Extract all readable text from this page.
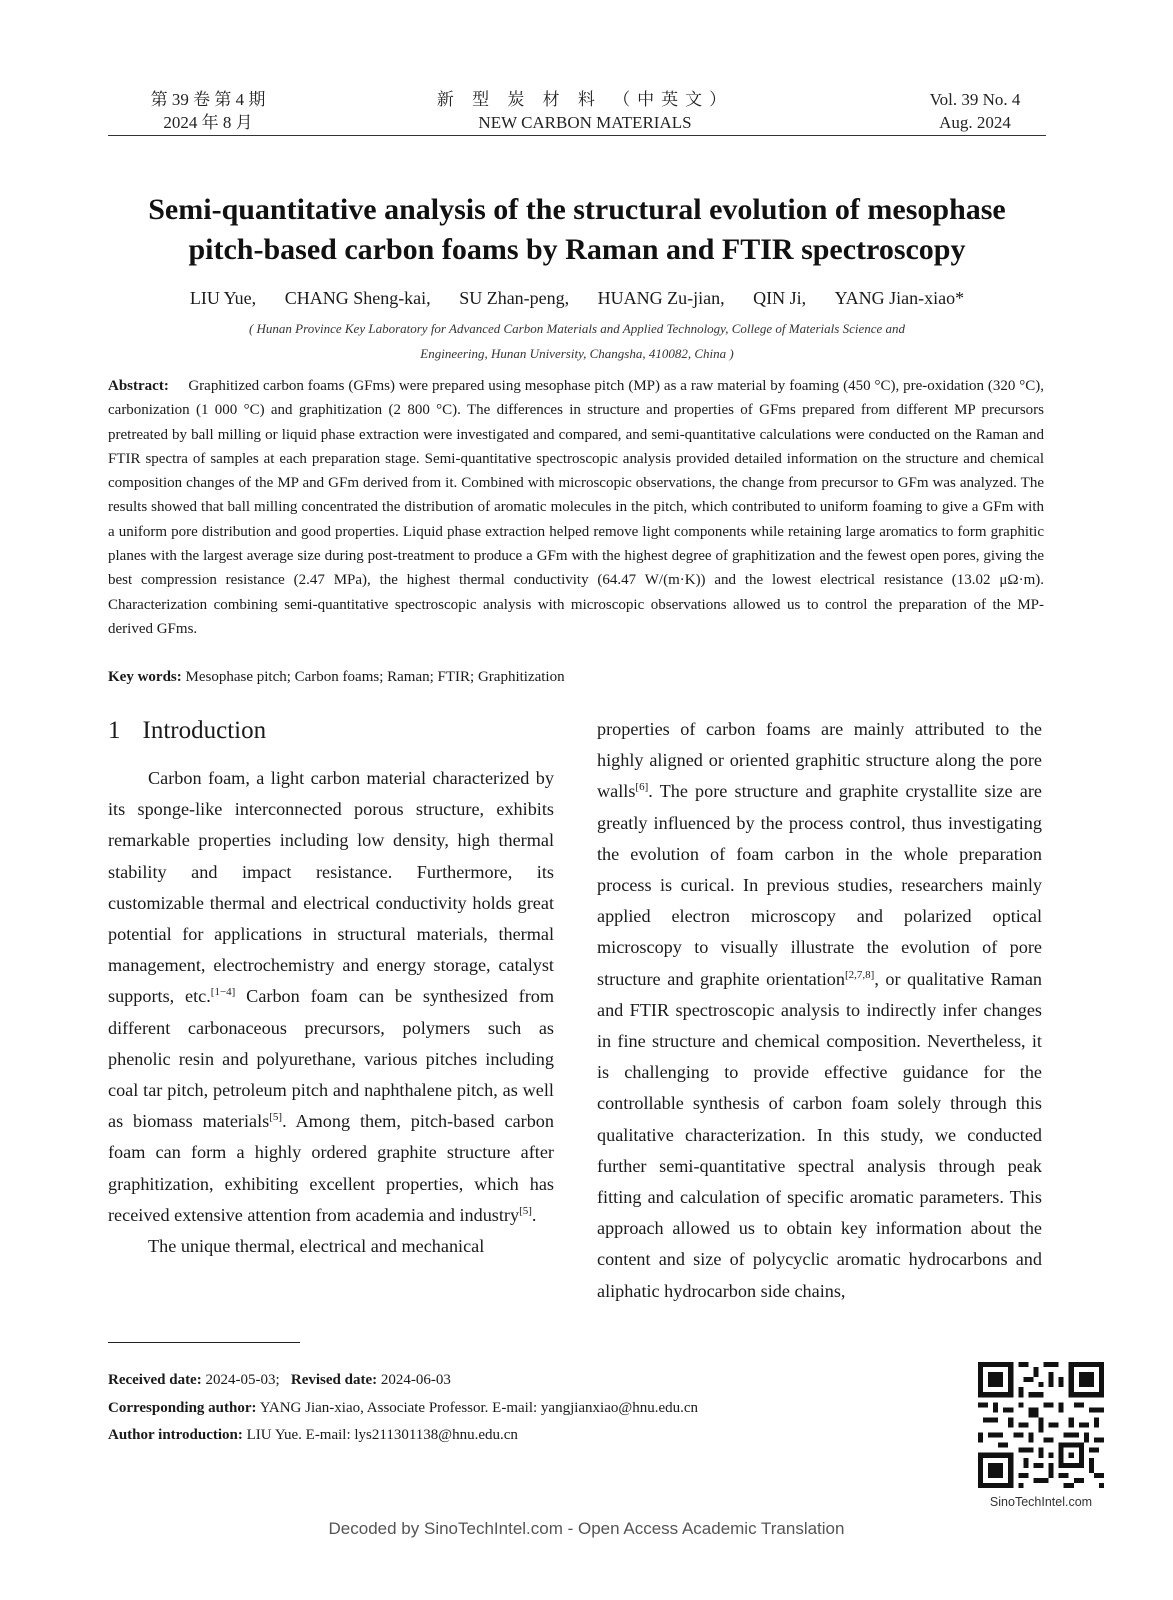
第 39 卷 第 4 期
2024 年 8 月
新 型 炭 材 料 （中英文）
NEW CARBON MATERIALS
Vol. 39 No. 4
Aug. 2024
Semi-quantitative analysis of the structural evolution of mesophase
pitch-based carbon foams by Raman and FTIR spectroscopy
LIU Yue, CHANG Sheng-kai, SU Zhan-peng, HUANG Zu-jian, QIN Ji, YANG Jian-xiao*
( Hunan Province Key Laboratory for Advanced Carbon Materials and Applied Technology, College of Materials Science and
Engineering, Hunan University, Changsha, 410082, China )
Abstract: Graphitized carbon foams (GFms) were prepared using mesophase pitch (MP) as a raw material by foaming (450 °C), pre-oxidation (320 °C), carbonization (1 000 °C) and graphitization (2 800 °C). The differences in structure and properties of GFms prepared from different MP precursors pretreated by ball milling or liquid phase extraction were investigated and compared, and semi-quantitative calculations were conducted on the Raman and FTIR spectra of samples at each preparation stage. Semi-quantitative spectroscopic analysis provided detailed information on the structure and chemical composition changes of the MP and GFm derived from it. Combined with microscopic observations, the change from precursor to GFm was analyzed. The results showed that ball milling concentrated the distribution of aromatic molecules in the pitch, which contributed to uniform foaming to give a GFm with a uniform pore distribution and good properties. Liquid phase extraction helped remove light components while retaining large aromatics to form graphitic planes with the largest average size during post-treatment to produce a GFm with the highest degree of graphitization and the fewest open pores, giving the best compression resistance (2.47 MPa), the highest thermal conductivity (64.47 W/(m·K)) and the lowest electrical resistance (13.02 μΩ·m). Characterization combining semi-quantitative spectroscopic analysis with microscopic observations allowed us to control the preparation of the MP-derived GFms.
Key words: Mesophase pitch; Carbon foams; Raman; FTIR; Graphitization
1 Introduction

Carbon foam, a light carbon material characterized by its sponge-like interconnected porous structure, exhibits remarkable properties including low density, high thermal stability and impact resistance. Furthermore, its customizable thermal and electrical conductivity holds great potential for applications in structural materials, thermal management, electrochemistry and energy storage, catalyst supports, etc.[1−4] Carbon foam can be synthesized from different carbonaceous precursors, polymers such as phenolic resin and polyurethane, various pitches including coal tar pitch, petroleum pitch and naphthalene pitch, as well as biomass materials[5]. Among them, pitch-based carbon foam can form a highly ordered graphite structure after graphitization, exhibiting excellent properties, which has received extensive attention from academia and industry[5].

The unique thermal, electrical and mechanical

properties of carbon foams are mainly attributed to the highly aligned or oriented graphitic structure along the pore walls[6]. The pore structure and graphite crystallite size are greatly influenced by the process control, thus investigating the evolution of foam carbon in the whole preparation process is curical. In previous studies, researchers mainly applied electron microscopy and polarized optical microscopy to visually illustrate the evolution of pore structure and graphite orientation[2,7,8], or qualitative Raman and FTIR spectroscopic analysis to indirectly infer changes in fine structure and chemical composition. Nevertheless, it is challenging to provide effective guidance for the controllable synthesis of carbon foam solely through this qualitative characterization. In this study, we conducted further semi-quantitative spectral analysis through peak fitting and calculation of specific aromatic parameters. This approach allowed us to obtain key information about the content and size of polycyclic aromatic hydrocarbons and aliphatic hydrocarbon side chains,

Received date: 2024-05-03; Revised date: 2024-06-03
Corresponding author: YANG Jian-xiao, Associate Professor. E-mail: yangjianxiao@hnu.edu.cn
Author introduction: LIU Yue. E-mail: lys211301138@hnu.edu.cn
SinoTechIntel.com
Decoded by SinoTechIntel.com - Open Access Academic Translation
